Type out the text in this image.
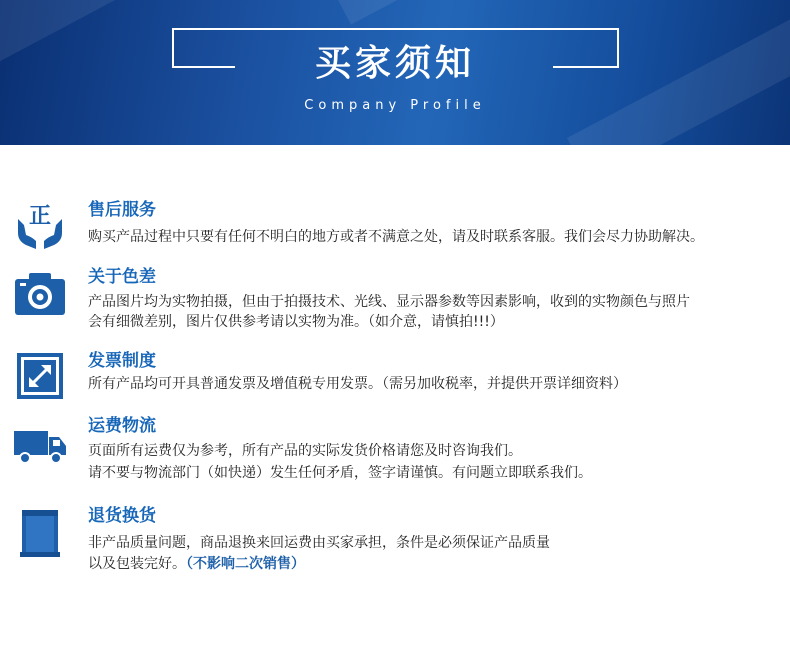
买家须知
Company Profile
正 售后服务
购买产品过程中只要有任何不明白的地方或者不满意之处，请及时联系客服。我们会尽力协助解决。
关于色差
产品图片均为实物拍摄，但由于拍摄技术、光线、显示器参数等因素影响，收到的实物颜色与照片
会有细微差别，图片仅供参考请以实物为准。（如介意，请慎拍!!!）
发票制度
所有产品均可开具普通发票及增值税专用发票。（需另加收税率，并提供开票详细资料）
运费物流
页面所有运费仅为参考，所有产品的实际发货价格请您及时咨询我们。
请不要与物流部门（如快递）发生任何矛盾，签字请谨慎。有问题立即联系我们。
退货换货
非产品质量问题，商品退换来回运费由买家承担，条件是必须保证产品质量
以及包装完好。（不影响二次销售）
